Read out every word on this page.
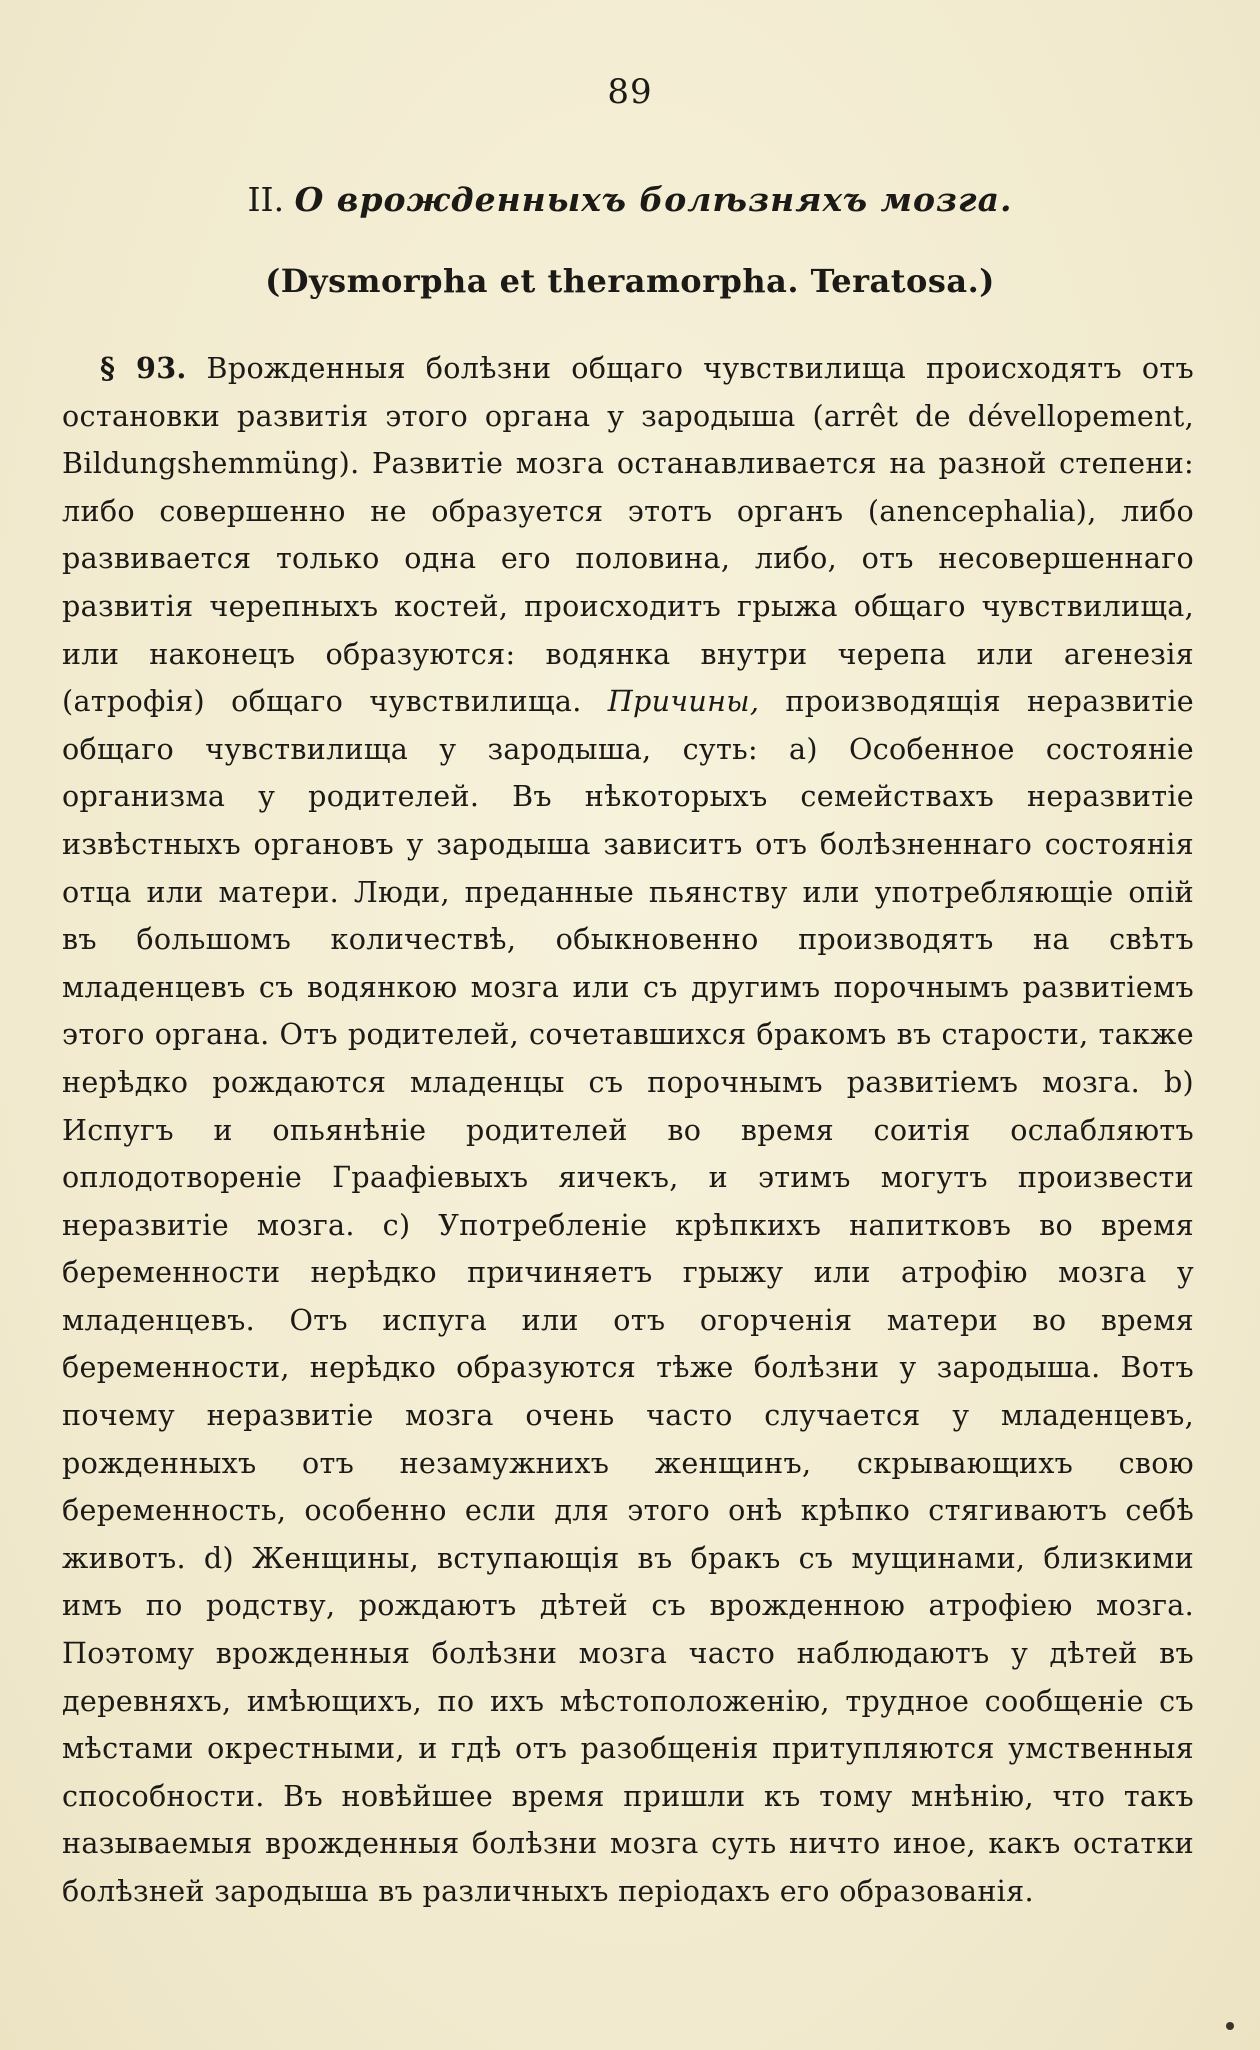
89
II. О врожденныхъ болѣзняхъ мозга.
(Dysmorpha et theramorpha. Teratosa.)

§ 93. Врожденныя болѣзни общаго чувствилища происходятъ отъ остановки развитія этого органа у зародыша (arrêt de dévellopement, Bildungshemmüng). Развитіе мозга останавливается на разной степени: либо совершенно не образуется этотъ органъ (anencephalia), либо развивается только одна его половина, либо, отъ несовершеннаго развитія черепныхъ костей, происходитъ грыжа общаго чувствилища, или наконецъ образуются: водянка внутри черепа или агенезія (атрофія) общаго чувствилища. Причины, производящія неразвитіе общаго чувствилища у зародыша, суть: a) Особенное состояніе организма у родителей. Въ нѣкоторыхъ семействахъ неразвитіе извѣстныхъ органовъ у зародыша зависитъ отъ болѣзненнаго состоянія отца или матери. Люди, преданные пьянству или употребляющіе опій въ большомъ количествѣ, обыкновенно производятъ на свѣтъ младенцевъ съ водянкою мозга или съ другимъ порочнымъ развитіемъ этого органа. Отъ родителей, сочетавшихся бракомъ въ старости, также нерѣдко рождаются младенцы съ порочнымъ развитіемъ мозга. b) Испугъ и опьянѣніе родителей во время соитія ослабляютъ оплодотвореніе Граафіевыхъ яичекъ, и этимъ могутъ произвести неразвитіе мозга. c) Употребленіе крѣпкихъ напитковъ во время беременности нерѣдко причиняетъ грыжу или атрофію мозга у младенцевъ. Отъ испуга или отъ огорченія матери во время беременности, нерѣдко образуются тѣже болѣзни у зародыша. Вотъ почему неразвитіе мозга очень часто случается у младенцевъ, рожденныхъ отъ незамужнихъ женщинъ, скрывающихъ свою беременность, особенно если для этого онѣ крѣпко стягиваютъ себѣ животъ. d) Женщины, вступающія въ бракъ съ мущинами, близкими имъ по родству, рождаютъ дѣтей съ врожденною атрофіею мозга. Поэтому врожденныя болѣзни мозга часто наблюдаютъ у дѣтей въ деревняхъ, имѣющихъ, по ихъ мѣстоположенію, трудное сообщеніе съ мѣстами окрестными, и гдѣ отъ разобщенія притупляются умственныя способности. Въ новѣйшее время пришли къ тому мнѣнію, что такъ называемыя врожденныя болѣзни мозга суть ничто иное, какъ остатки болѣзней зародыша въ различныхъ періодахъ его образованія.
